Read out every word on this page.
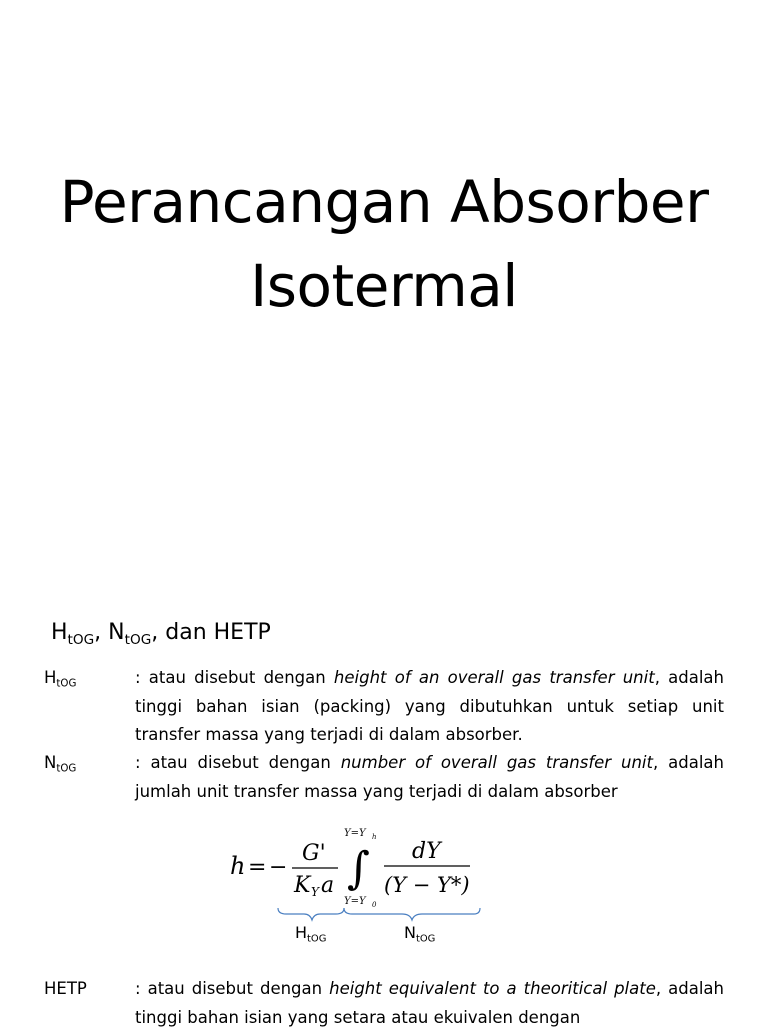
Perancangan Absorber
Isotermal
$H_{tOG}$, $N_{tOG}$, dan HETP
$H_{tOG}$	: atau disebut dengan height of an overall gas transfer unit, adalah tinggi bahan isian (packing) yang dibutuhkan untuk setiap unit transfer massa yang terjadi di dalam absorber.

$N_{tOG}$	: atau disebut dengan number of overall gas transfer unit, adalah jumlah unit transfer massa yang terjadi di dalam absorber

h = −
G'
K Y a
Y=Y h
∫
Y=Y 0
dY
(Y − Y*)
$H_{tOG}$	$N_{tOG}$
HETP	: atau disebut dengan height equivalent to a theoritical plate, adalah tinggi bahan isian yang setara atau ekuivalen dengan
